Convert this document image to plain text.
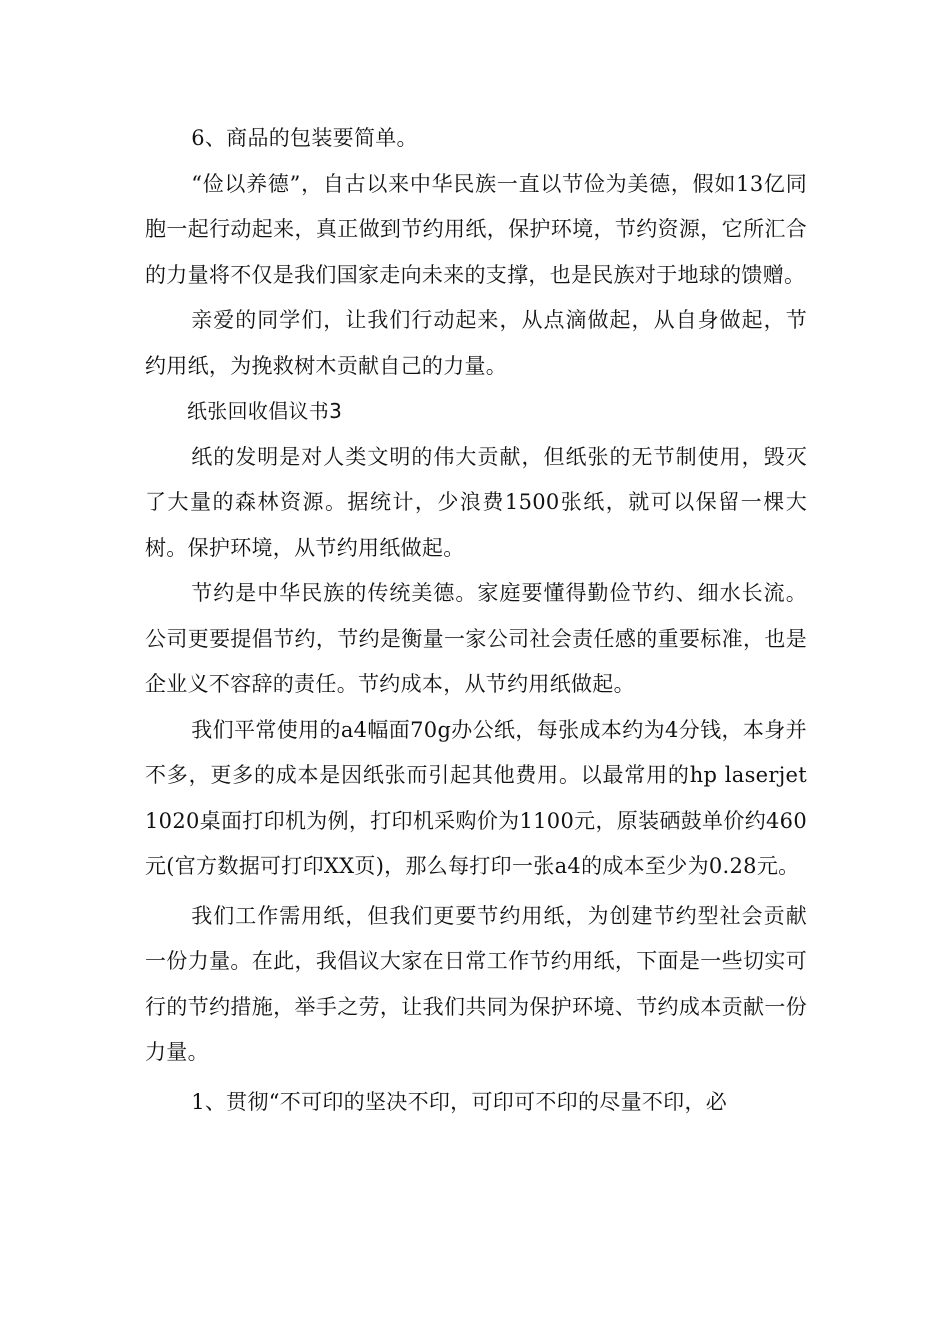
6、商品的包装要简单。

“俭以养德”，自古以来中华民族一直以节俭为美德，假如13亿同胞一起行动起来，真正做到节约用纸，保护环境，节约资源，它所汇合的力量将不仅是我们国家走向未来的支撑，也是民族对于地球的馈赠。

亲爱的同学们，让我们行动起来，从点滴做起，从自身做起，节约用纸，为挽救树木贡献自己的力量。

纸张回收倡议书3

纸的发明是对人类文明的伟大贡献，但纸张的无节制使用，毁灭了大量的森林资源。据统计，少浪费1500张纸，就可以保留一棵大树。保护环境，从节约用纸做起。

节约是中华民族的传统美德。家庭要懂得勤俭节约、细水长流。公司更要提倡节约，节约是衡量一家公司社会责任感的重要标准，也是企业义不容辞的责任。节约成本，从节约用纸做起。

我们平常使用的a4幅面70g办公纸，每张成本约为4分钱，本身并不多，更多的成本是因纸张而引起其他费用。以最常用的hp laserjet 1020桌面打印机为例，打印机采购价为1100元，原装硒鼓单价约460元(官方数据可打印XX页)，那么每打印一张a4的成本至少为0.28元。

我们工作需用纸，但我们更要节约用纸，为创建节约型社会贡献一份力量。在此，我倡议大家在日常工作节约用纸，下面是一些切实可行的节约措施，举手之劳，让我们共同为保护环境、节约成本贡献一份力量。

1、贯彻“不可印的坚决不印，可印可不印的尽量不印，必
